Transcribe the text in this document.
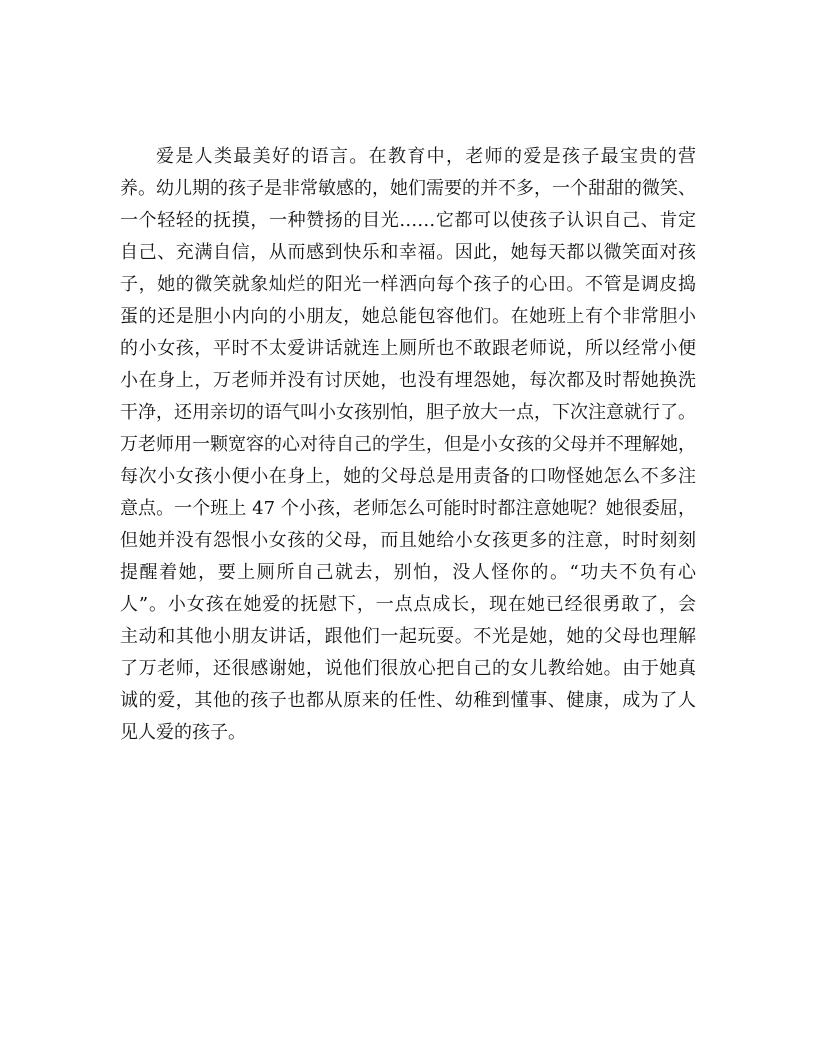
爱是人类最美好的语言。在教育中，老师的爱是孩子最宝贵的营
养。幼儿期的孩子是非常敏感的，她们需要的并不多，一个甜甜的微笑、
一个轻轻的抚摸，一种赞扬的目光……它都可以使孩子认识自己、肯定
自己、充满自信，从而感到快乐和幸福。因此，她每天都以微笑面对孩
子，她的微笑就象灿烂的阳光一样洒向每个孩子的心田。不管是调皮捣
蛋的还是胆小内向的小朋友，她总能包容他们。在她班上有个非常胆小
的小女孩，平时不太爱讲话就连上厕所也不敢跟老师说，所以经常小便
小在身上，万老师并没有讨厌她，也没有埋怨她，每次都及时帮她换洗
干净，还用亲切的语气叫小女孩别怕，胆子放大一点，下次注意就行了。
万老师用一颗宽容的心对待自己的学生，但是小女孩的父母并不理解她，
每次小女孩小便小在身上，她的父母总是用责备的口吻怪她怎么不多注
意点。一个班上 47 个小孩，老师怎么可能时时都注意她呢？她很委屈，
但她并没有怨恨小女孩的父母，而且她给小女孩更多的注意，时时刻刻
提醒着她，要上厕所自己就去，别怕，没人怪你的。“功夫不负有心
人”。小女孩在她爱的抚慰下，一点点成长，现在她已经很勇敢了，会
主动和其他小朋友讲话，跟他们一起玩耍。不光是她，她的父母也理解
了万老师，还很感谢她，说他们很放心把自己的女儿教给她。由于她真
诚的爱，其他的孩子也都从原来的任性、幼稚到懂事、健康，成为了人
见人爱的孩子。
